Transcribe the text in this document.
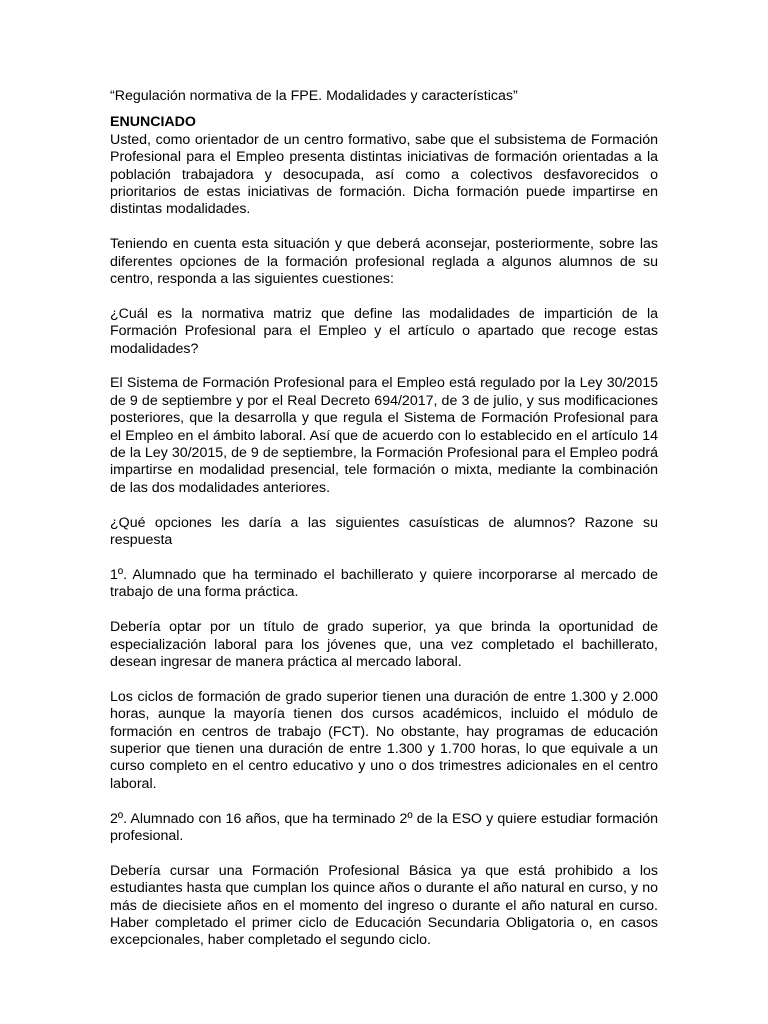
“Regulación normativa de la FPE. Modalidades y características”
ENUNCIADO

Usted, como orientador de un centro formativo, sabe que el subsistema de Formación Profesional para el Empleo presenta distintas iniciativas de formación orientadas a la población trabajadora y desocupada, así como a colectivos desfavorecidos o prioritarios de estas iniciativas de formación. Dicha formación puede impartirse en distintas modalidades.

Teniendo en cuenta esta situación y que deberá aconsejar, posteriormente, sobre las diferentes opciones de la formación profesional reglada a algunos alumnos de su centro, responda a las siguientes cuestiones:

¿Cuál es la normativa matriz que define las modalidades de impartición de la Formación Profesional para el Empleo y el artículo o apartado que recoge estas modalidades?

El Sistema de Formación Profesional para el Empleo está regulado por la Ley 30/2015 de 9 de septiembre y por el Real Decreto 694/2017, de 3 de julio, y sus modificaciones posteriores, que la desarrolla y que regula el Sistema de Formación Profesional para el Empleo en el ámbito laboral. Así que de acuerdo con lo establecido en el artículo 14 de la Ley 30/2015, de 9 de septiembre, la Formación Profesional para el Empleo podrá impartirse en modalidad presencial, tele formación o mixta, mediante la combinación de las dos modalidades anteriores.

¿Qué opciones les daría a las siguientes casuísticas de alumnos? Razone su respuesta

1º. Alumnado que ha terminado el bachillerato y quiere incorporarse al mercado de trabajo de una forma práctica.

Debería optar por un título de grado superior, ya que brinda la oportunidad de especialización laboral para los jóvenes que, una vez completado el bachillerato, desean ingresar de manera práctica al mercado laboral.

Los ciclos de formación de grado superior tienen una duración de entre 1.300 y 2.000 horas, aunque la mayoría tienen dos cursos académicos, incluido el módulo de formación en centros de trabajo (FCT). No obstante, hay programas de educación superior que tienen una duración de entre 1.300 y 1.700 horas, lo que equivale a un curso completo en el centro educativo y uno o dos trimestres adicionales en el centro laboral.

2º. Alumnado con 16 años, que ha terminado 2º de la ESO y quiere estudiar formación profesional.

Debería cursar una Formación Profesional Básica ya que está prohibido a los estudiantes hasta que cumplan los quince años o durante el año natural en curso, y no más de diecisiete años en el momento del ingreso o durante el año natural en curso. Haber completado el primer ciclo de Educación Secundaria Obligatoria o, en casos excepcionales, haber completado el segundo ciclo.
